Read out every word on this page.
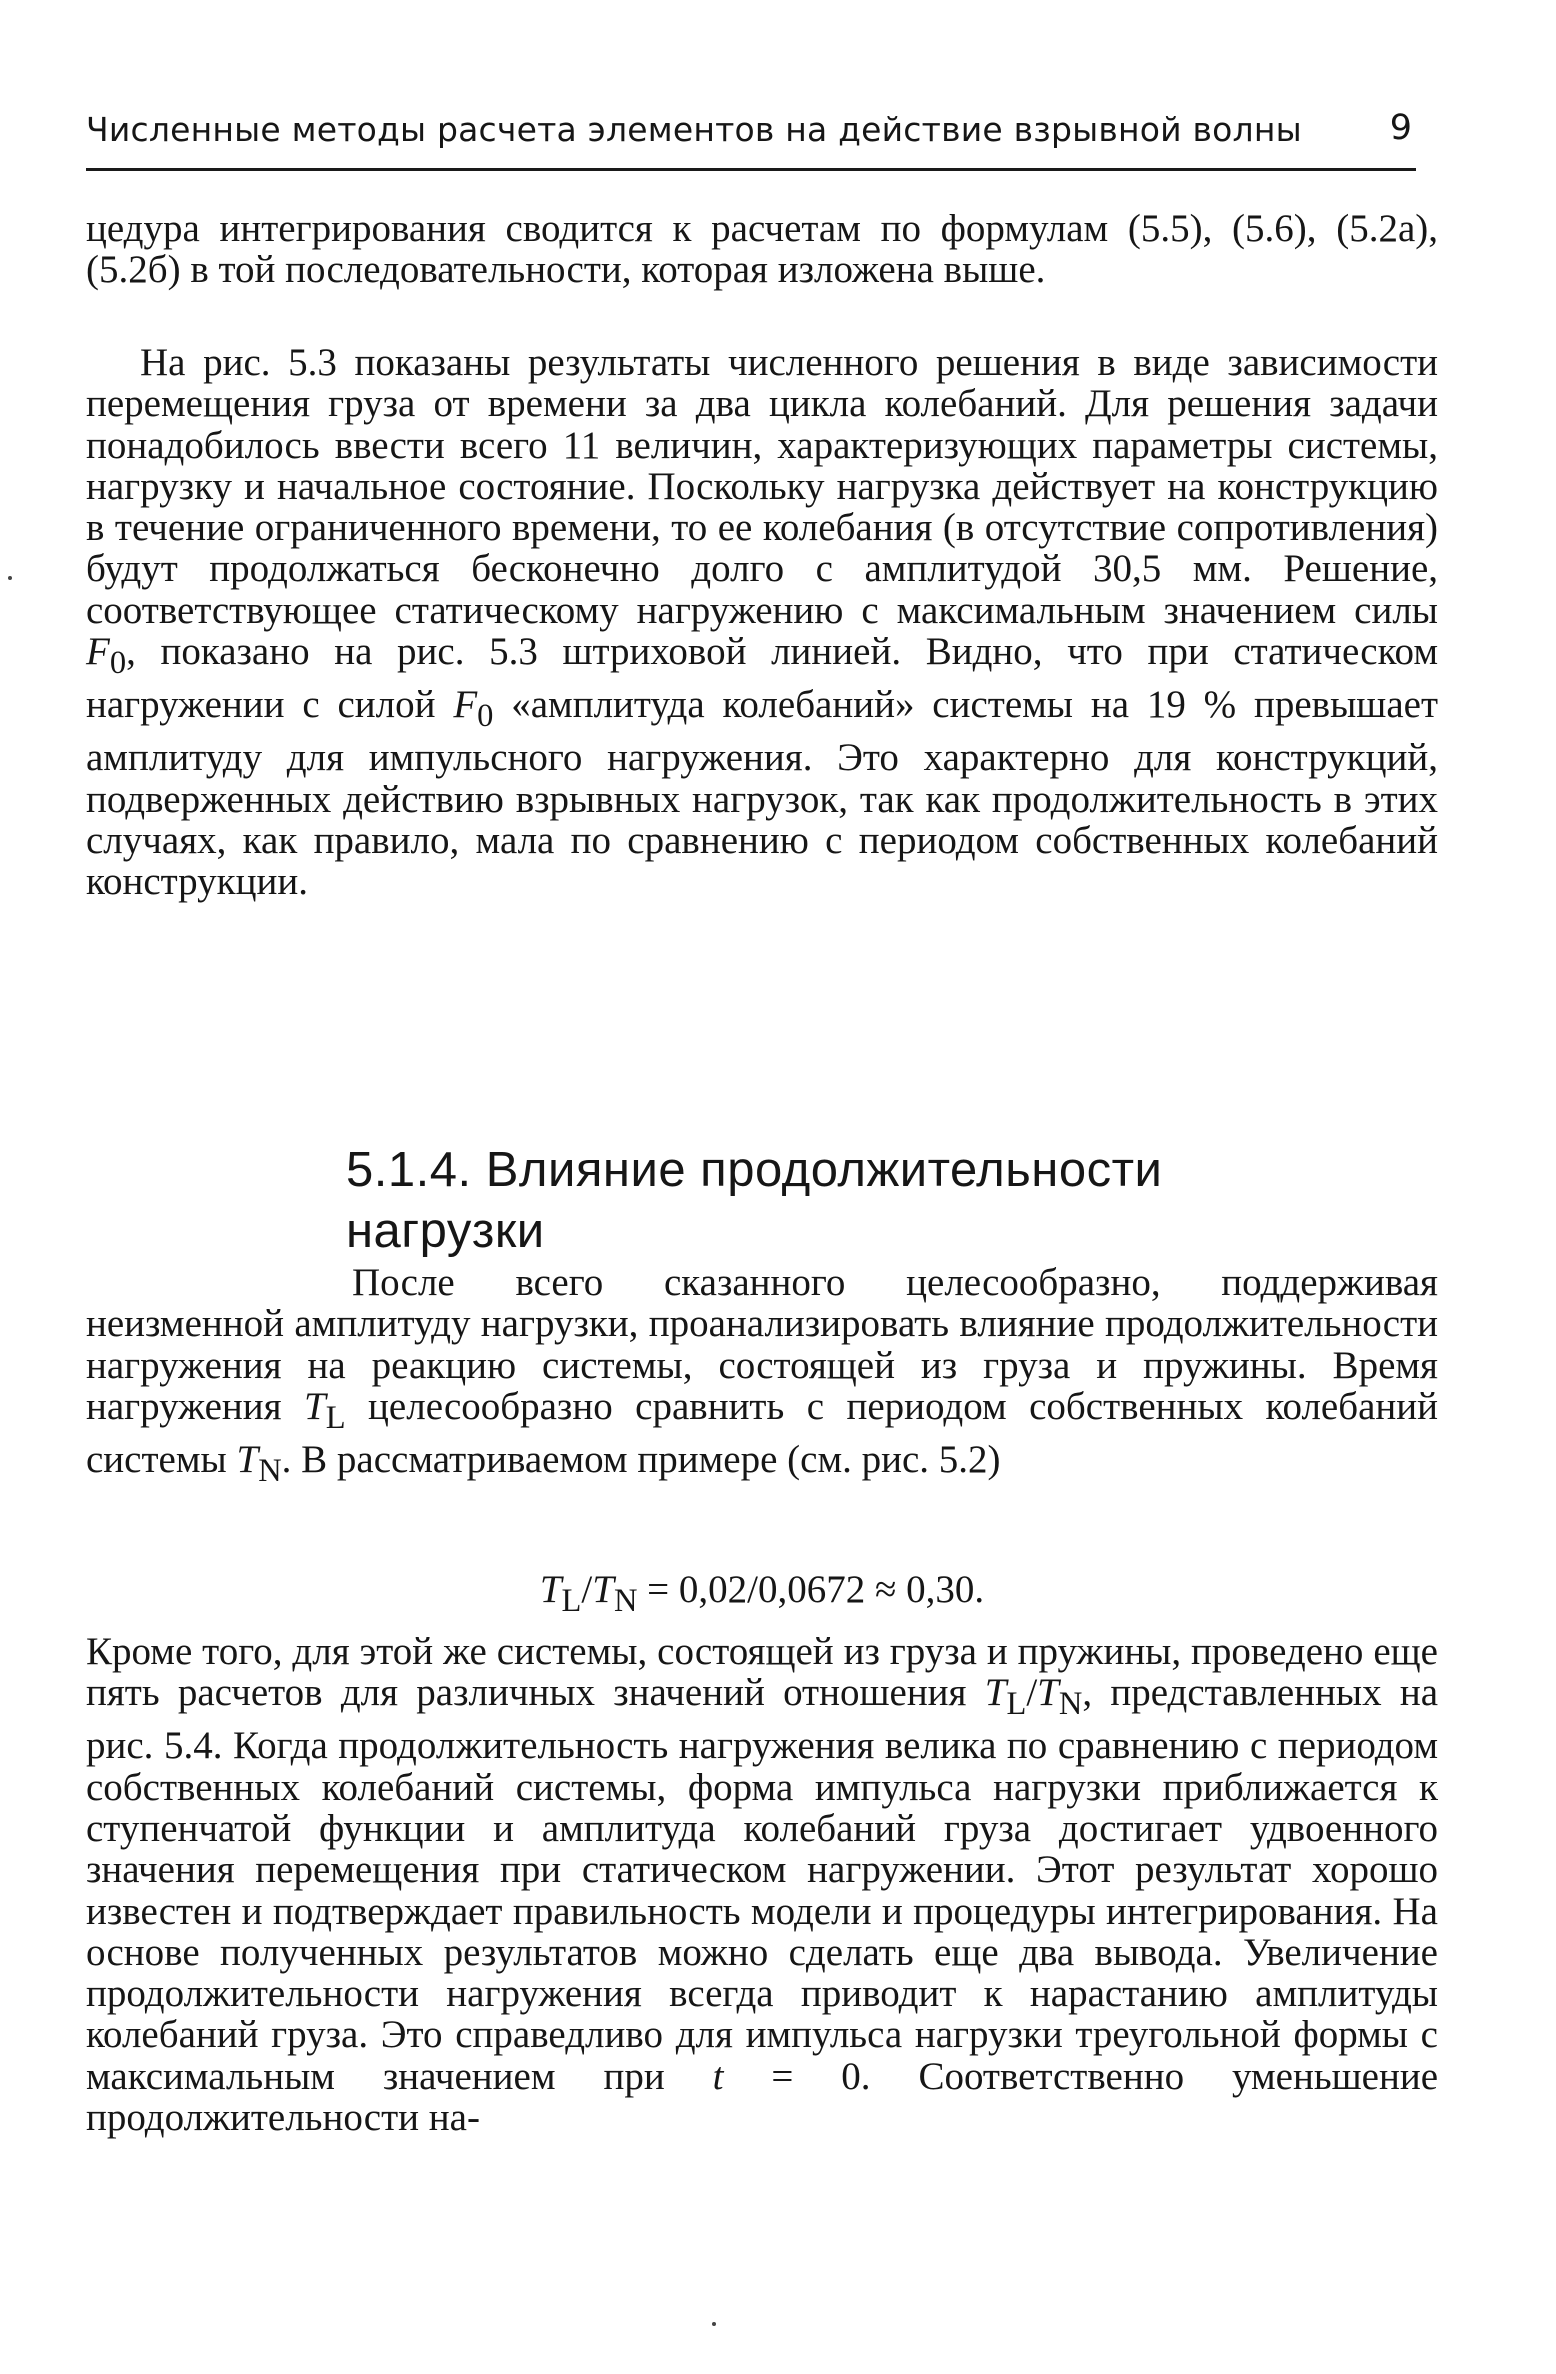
Численные методы расчета элементов на действие взрывной волны	9

цедура интегрирования сводится к расчетам по формулам (5.5), (5.6), (5.2а), (5.2б) в той последовательности, которая изложена выше.

На рис. 5.3 показаны результаты численного решения в виде зависимости перемещения груза от времени за два цикла колебаний. Для решения задачи понадобилось ввести всего 11 величин, характеризующих параметры системы, нагрузку и начальное состояние. Поскольку нагрузка действует на конструкцию в течение ограниченного времени, то ее колебания (в отсутствие сопротивления) будут продолжаться бесконечно долго с амплитудой 30,5 мм. Решение, соответствующее статическому нагружению с максимальным значением силы $F_0$, показано на рис. 5.3 штриховой линией. Видно, что при статическом нагружении с силой $F_0$ «амплитуда колебаний» системы на 19 % превышает амплитуду для импульсного нагружения. Это характерно для конструкций, подверженных действию взрывных нагрузок, так как продолжительность в этих случаях, как правило, мала по сравнению с периодом собственных колебаний конструкции.

5.1.4. Влияние продолжительности
нагрузки

После всего сказанного целесообразно, поддерживая неизменной амплитуду нагрузки, проанализировать влияние продолжительности нагружения на реакцию системы, состоящей из груза и пружины. Время нагружения $T_L$ целесообразно сравнить с периодом собственных колебаний системы $T_N$. В рассматриваемом примере (см. рис. 5.2)

$T_L/T_N = 0,02/0,0672 \approx 0,30$.

Кроме того, для этой же системы, состоящей из груза и пружины, проведено еще пять расчетов для различных значений отношения $T_L/T_N$, представленных на рис. 5.4. Когда продолжительность нагружения велика по сравнению с периодом собственных колебаний системы, форма импульса нагрузки приближается к ступенчатой функции и амплитуда колебаний груза достигает удвоенного значения перемещения при статическом нагружении. Этот результат хорошо известен и подтверждает правильность модели и процедуры интегрирования. На основе полученных результатов можно сделать еще два вывода. Увеличение продолжительности нагружения всегда приводит к нарастанию амплитуды колебаний груза. Это справедливо для импульса нагрузки треугольной формы с максимальным значением при t = 0. Соответственно уменьшение продолжительности на-
